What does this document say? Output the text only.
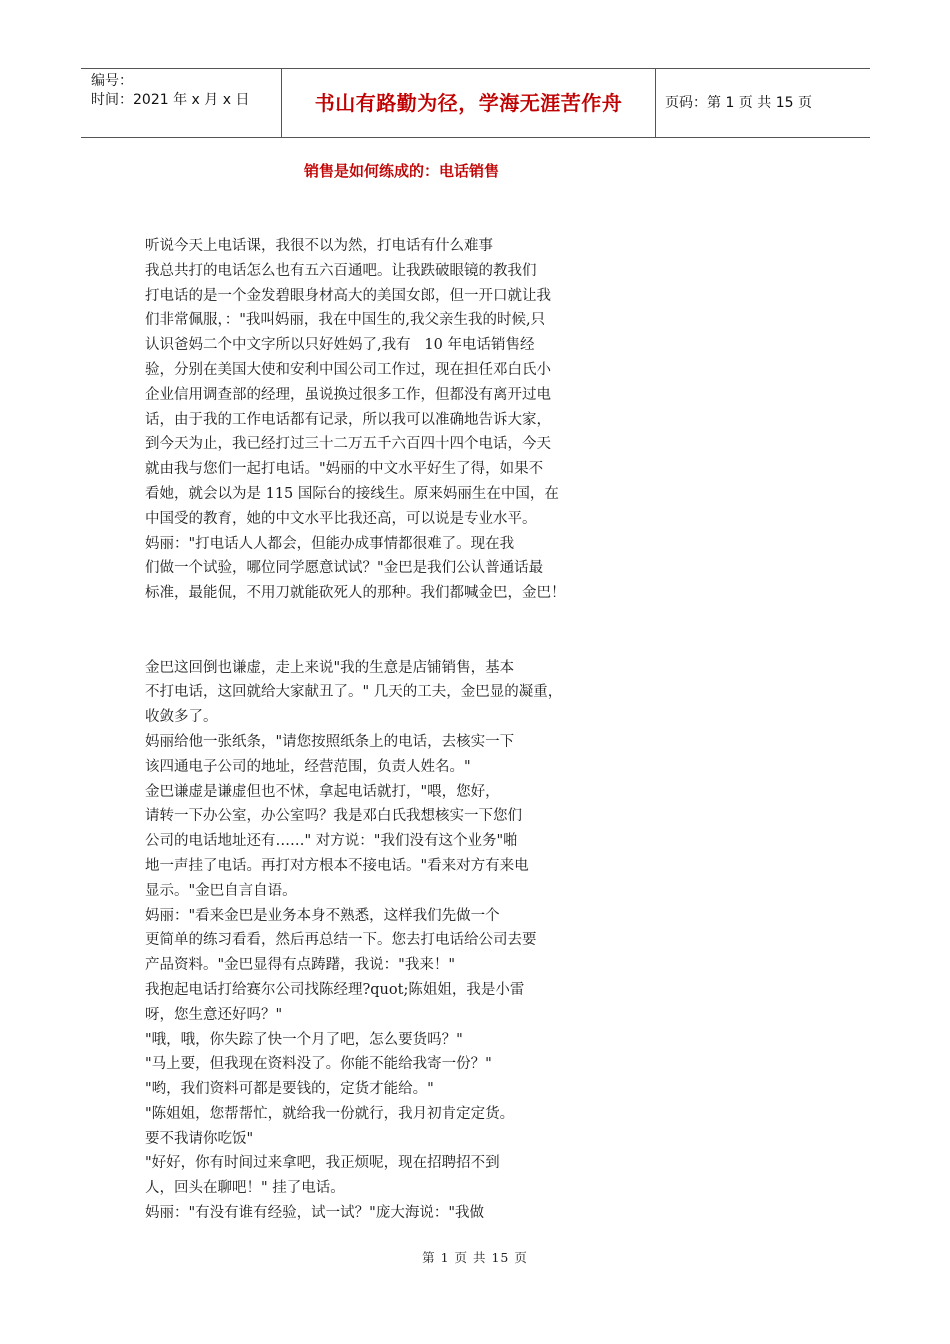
编号：
时间：2021 年 x 月 x 日	书山有路勤为径，学海无涯苦作舟	页码：第 1 页 共 15 页
销售是如何练成的：电话销售
听说今天上电话课，我很不以为然，打电话有什么难事
我总共打的电话怎么也有五六百通吧。让我跌破眼镜的教我们
打电话的是一个金发碧眼身材高大的美国女郎，但一开口就让我
们非常佩服，："我叫妈丽，我在中国生的,我父亲生我的时候,只
认识爸妈二个中文字所以只好姓妈了,我有   10 年电话销售经
验，分别在美国大使和安利中国公司工作过，现在担任邓白氏小
企业信用调查部的经理，虽说换过很多工作，但都没有离开过电
话，由于我的工作电话都有记录，所以我可以准确地告诉大家，
到今天为止，我已经打过三十二万五千六百四十四个电话，今天
就由我与您们一起打电话。"妈丽的中文水平好生了得，如果不
看她，就会以为是 115 国际台的接线生。原来妈丽生在中国，在
中国受的教育，她的中文水平比我还高，可以说是专业水平。
妈丽："打电话人人都会，但能办成事情都很难了。现在我
们做一个试验，哪位同学愿意试试？"金巴是我们公认普通话最
标准，最能侃，不用刀就能砍死人的那种。我们都喊金巴，金巴！
金巴这回倒也谦虚，走上来说"我的生意是店铺销售，基本
不打电话，这回就给大家献丑了。" 几天的工夫，金巴显的凝重，
收敛多了。
妈丽给他一张纸条，"请您按照纸条上的电话，去核实一下
该四通电子公司的地址，经营范围，负责人姓名。"
金巴谦虚是谦虚但也不怵，拿起电话就打，"喂，您好，
请转一下办公室，办公室吗？我是邓白氏我想核实一下您们
公司的电话地址还有……" 对方说："我们没有这个业务"啪
地一声挂了电话。再打对方根本不接电话。"看来对方有来电
显示。"金巴自言自语。
妈丽："看来金巴是业务本身不熟悉，这样我们先做一个
更简单的练习看看，然后再总结一下。您去打电话给公司去要
产品资料。"金巴显得有点踌躇，我说："我来！"
我抱起电话打给赛尔公司找陈经理?quot;陈姐姐，我是小雷
呀，您生意还好吗？"
"哦，哦，你失踪了快一个月了吧，怎么要货吗？"
"马上要，但我现在资料没了。你能不能给我寄一份？"
"哟，我们资料可都是要钱的，定货才能给。"
"陈姐姐，您帮帮忙，就给我一份就行，我月初肯定定货。
要不我请你吃饭"
"好好，你有时间过来拿吧，我正烦呢，现在招聘招不到
人，回头在聊吧！" 挂了电话。
妈丽："有没有谁有经验，试一试？"庞大海说："我做
第 1 页 共 15 页
